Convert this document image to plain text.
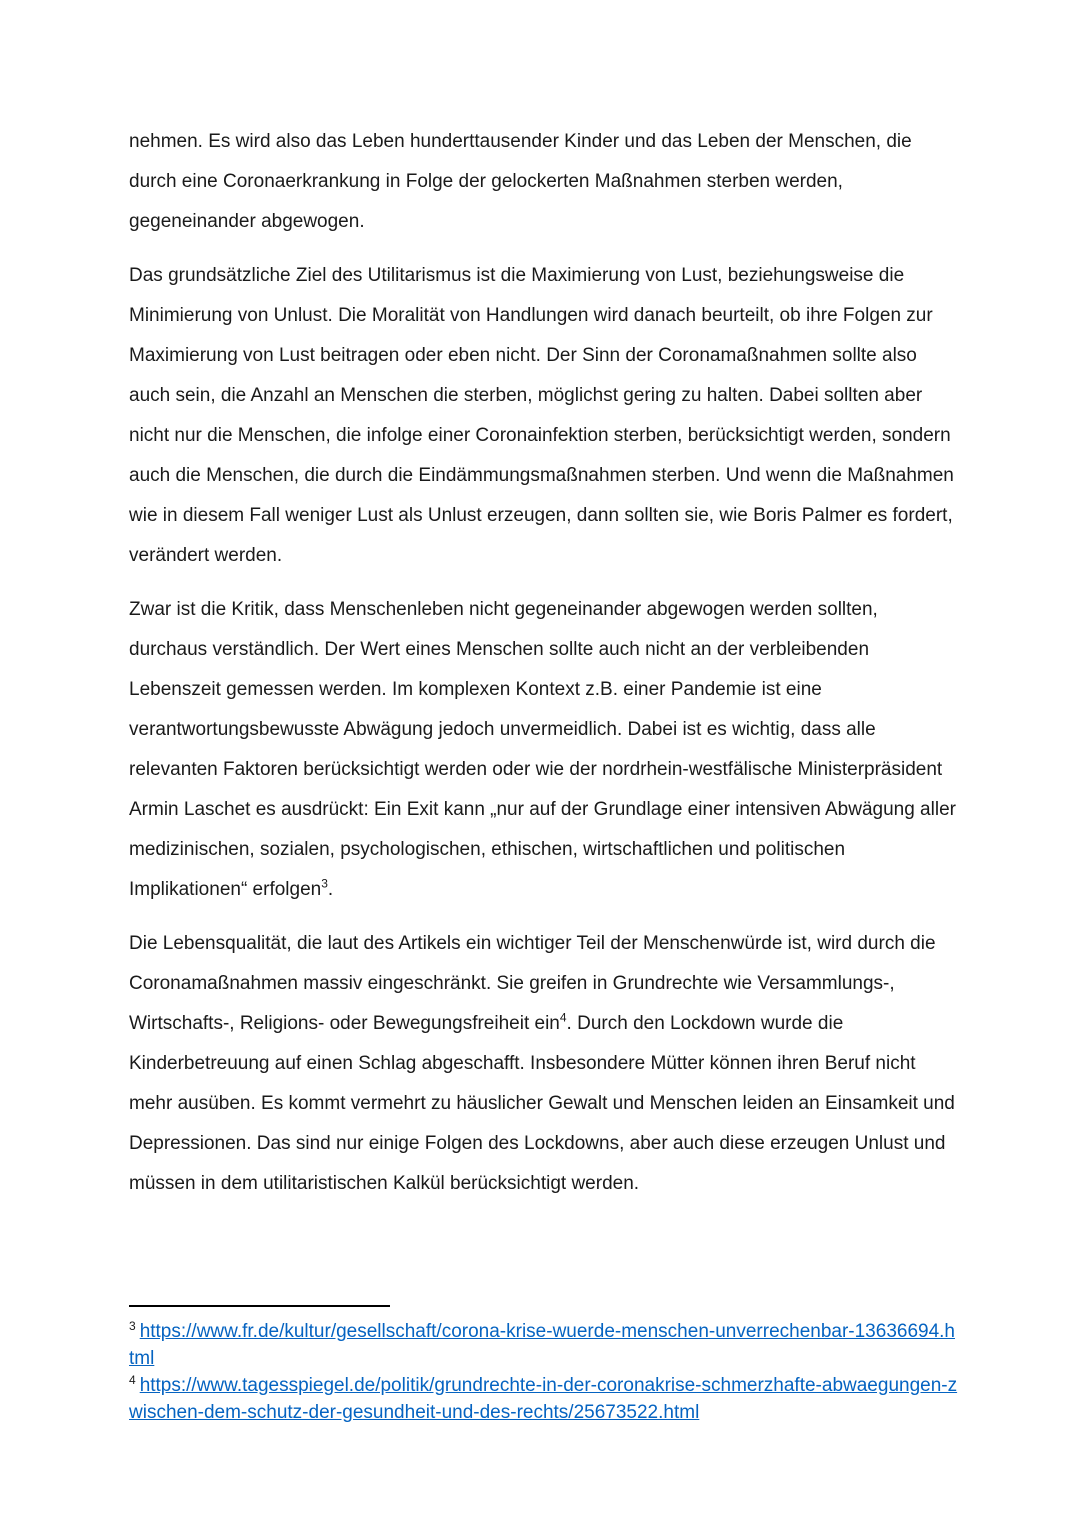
nehmen. Es wird also das Leben hunderttausender Kinder und das Leben der Menschen, die durch eine Coronaerkrankung in Folge der gelockerten Maßnahmen sterben werden, gegeneinander abgewogen.

Das grundsätzliche Ziel des Utilitarismus ist die Maximierung von Lust, beziehungsweise die Minimierung von Unlust. Die Moralität von Handlungen wird danach beurteilt, ob ihre Folgen zur Maximierung von Lust beitragen oder eben nicht. Der Sinn der Coronamaßnahmen sollte also auch sein, die Anzahl an Menschen die sterben, möglichst gering zu halten. Dabei sollten aber nicht nur die Menschen, die infolge einer Coronainfektion sterben, berücksichtigt werden, sondern auch die Menschen, die durch die Eindämmungsmaßnahmen sterben. Und wenn die Maßnahmen wie in diesem Fall weniger Lust als Unlust erzeugen, dann sollten sie, wie Boris Palmer es fordert, verändert werden.

Zwar ist die Kritik, dass Menschenleben nicht gegeneinander abgewogen werden sollten, durchaus verständlich. Der Wert eines Menschen sollte auch nicht an der verbleibenden Lebenszeit gemessen werden. Im komplexen Kontext z.B. einer Pandemie ist eine verantwortungsbewusste Abwägung jedoch unvermeidlich. Dabei ist es wichtig, dass alle relevanten Faktoren berücksichtigt werden oder wie der nordrhein-westfälische Ministerpräsident Armin Laschet es ausdrückt: Ein Exit kann „nur auf der Grundlage einer intensiven Abwägung aller medizinischen, sozialen, psychologischen, ethischen, wirtschaftlichen und politischen Implikationen“ erfolgen$^3$.

Die Lebensqualität, die laut des Artikels ein wichtiger Teil der Menschenwürde ist, wird durch die Coronamaßnahmen massiv eingeschränkt. Sie greifen in Grundrechte wie Versammlungs-, Wirtschafts-, Religions- oder Bewegungsfreiheit ein$^4$. Durch den Lockdown wurde die Kinderbetreuung auf einen Schlag abgeschafft. Insbesondere Mütter können ihren Beruf nicht mehr ausüben. Es kommt vermehrt zu häuslicher Gewalt und Menschen leiden an Einsamkeit und Depressionen. Das sind nur einige Folgen des Lockdowns, aber auch diese erzeugen Unlust und müssen in dem utilitaristischen Kalkül berücksichtigt werden.

$^3$ https://www.fr.de/kultur/gesellschaft/corona-krise-wuerde-menschen-unverrechenbar-13636694.html

$^4$ https://www.tagesspiegel.de/politik/grundrechte-in-der-coronakrise-schmerzhafte-abwaegungen-zwischen-dem-schutz-der-gesundheit-und-des-rechts/25673522.html
